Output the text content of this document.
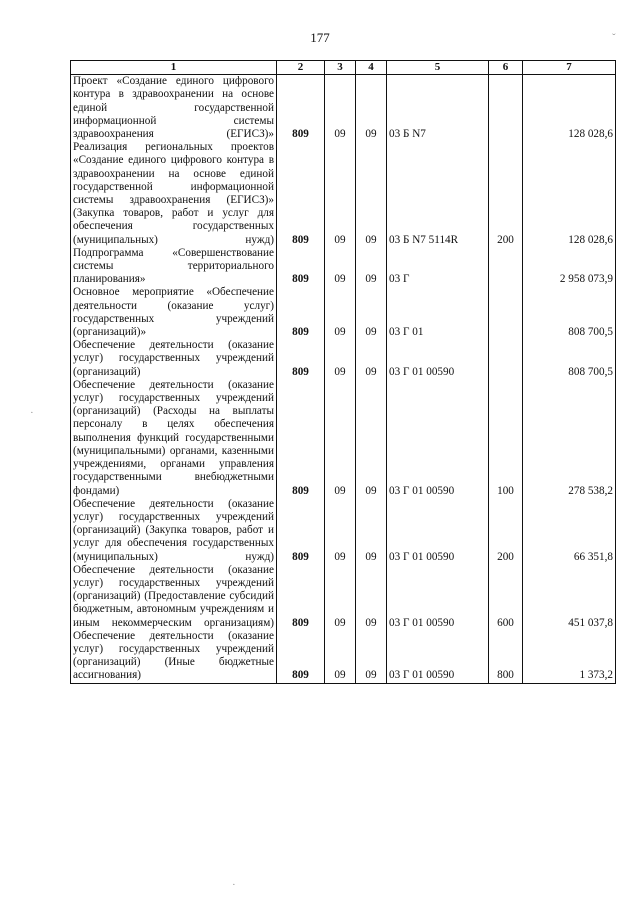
177
1	2	3	4	5	6	7
Проект «Создание единого цифрового контура в здравоохранении на основе единой государственной информационной системы здравоохранения (ЕГИСЗ)»	809	09	09	03 Б N7		128 028,6
Реализация региональных проектов «Создание единого цифрового контура в здравоохранении на основе единой государственной информационной системы здравоохранения (ЕГИСЗ)» (Закупка товаров, работ и услуг для обеспечения государственных (муниципальных) нужд)	809	09	09	03 Б N7 5114R	200	128 028,6
Подпрограмма «Совершенствование системы территориального планирования»	809	09	09	03 Г		2 958 073,9
Основное мероприятие «Обеспечение деятельности (оказание услуг) государственных учреждений (организаций)»	809	09	09	03 Г 01		808 700,5
Обеспечение деятельности (оказание услуг) государственных учреждений (организаций)	809	09	09	03 Г 01 00590		808 700,5
Обеспечение деятельности (оказание услуг) государственных учреждений (организаций) (Расходы на выплаты персоналу в целях обеспечения выполнения функций государственными (муниципальными) органами, казенными учреждениями, органами управления государственными внебюджетными фондами)	809	09	09	03 Г 01 00590	100	278 538,2
Обеспечение деятельности (оказание услуг) государственных учреждений (организаций) (Закупка товаров, работ и услуг для обеспечения государственных (муниципальных) нужд)	809	09	09	03 Г 01 00590	200	66 351,8
Обеспечение деятельности (оказание услуг) государственных учреждений (организаций) (Предоставление субсидий бюджетным, автономным учреждениям и иным некоммерческим организациям)	809	09	09	03 Г 01 00590	600	451 037,8
Обеспечение деятельности (оказание услуг) государственных учреждений (организаций) (Иные бюджетные ассигнования)	809	09	09	03 Г 01 00590	800	1 373,2
ˇ
·
·
